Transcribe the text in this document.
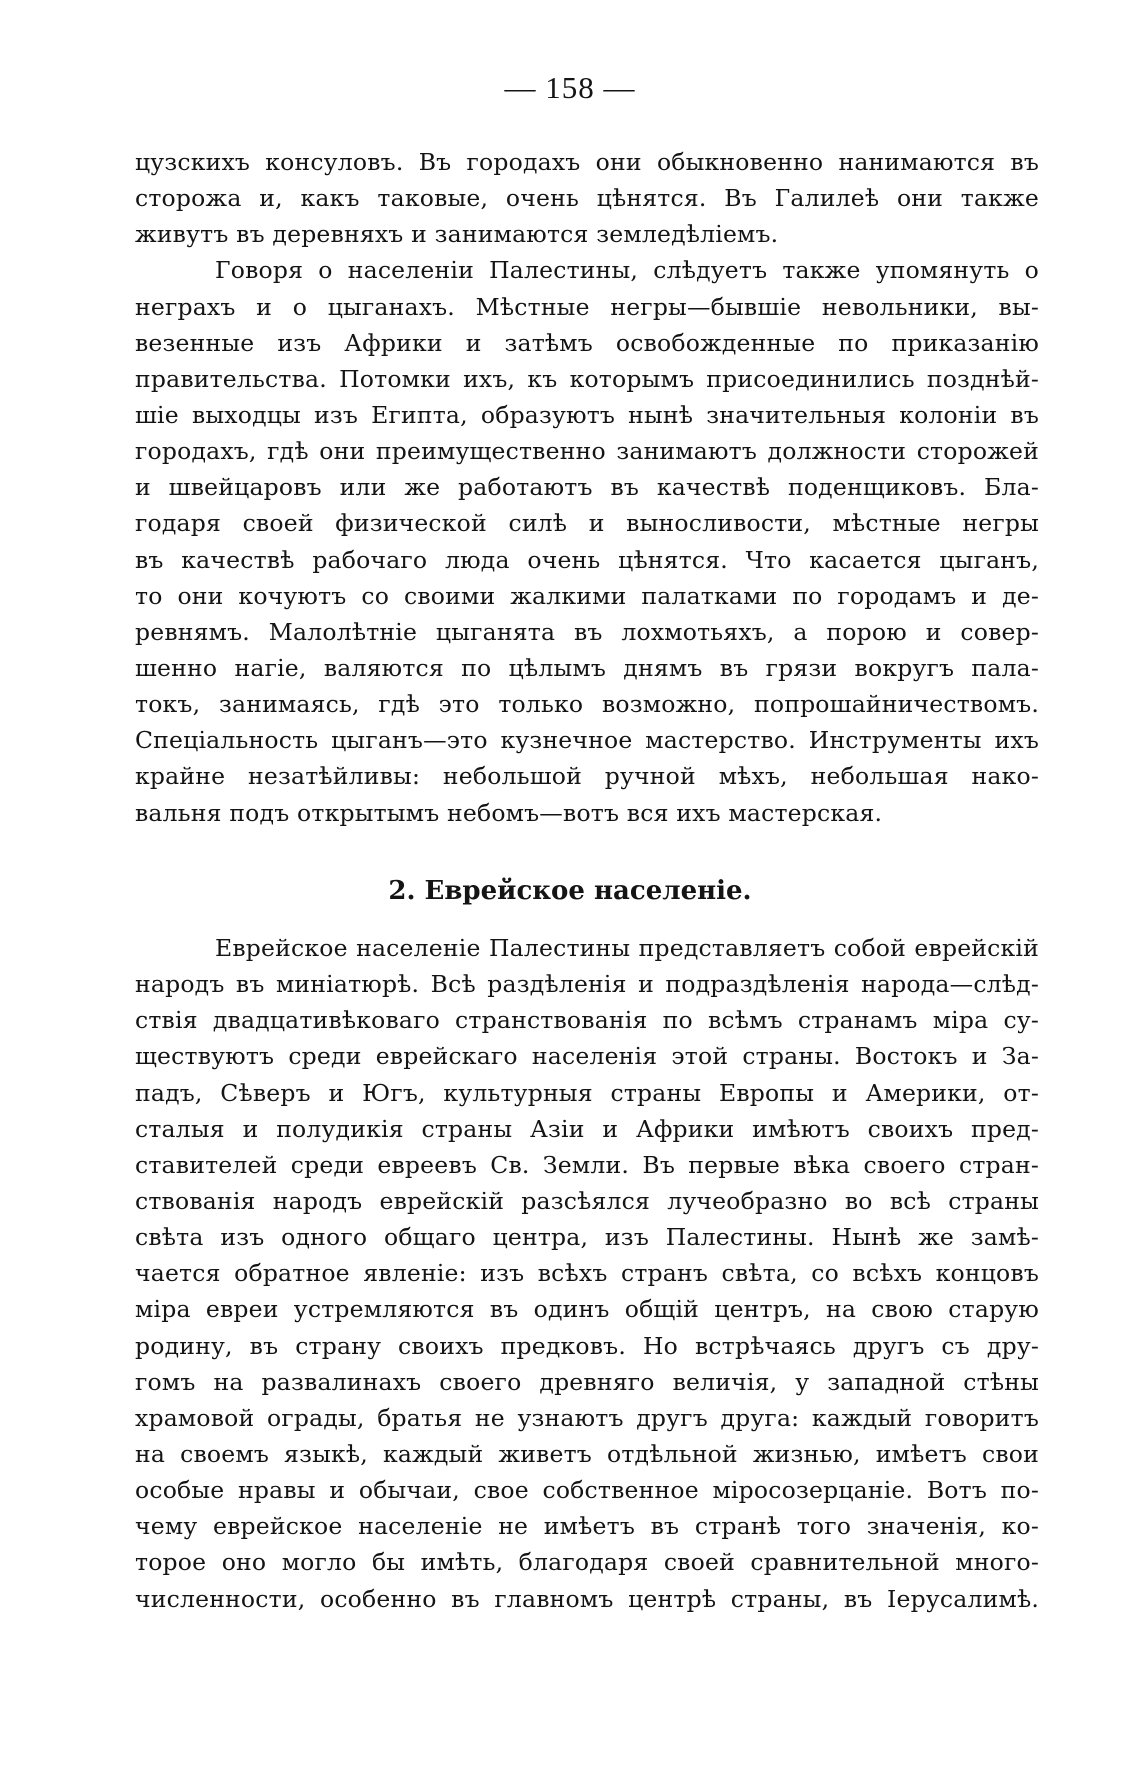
— 158 —
цузскихъ консуловъ. Въ городахъ они обыкновенно нанимаются въ
сторожа и, какъ таковые, очень цѣнятся. Въ Галилеѣ они также
живутъ въ деревняхъ и занимаются земледѣліемъ.
Говоря о населеніи Палестины, слѣдуетъ также упомянуть о
неграхъ и о цыганахъ. Мѣстные негры—бывшіе невольники, вы-
везенные изъ Африки и затѣмъ освобожденные по приказанію
правительства. Потомки ихъ, къ которымъ присоединились позднѣй-
шіе выходцы изъ Египта, образуютъ нынѣ значительныя колоніи въ
городахъ, гдѣ они преимущественно занимаютъ должности сторожей
и швейцаровъ или же работаютъ въ качествѣ поденщиковъ. Бла-
годаря своей физической силѣ и выносливости, мѣстные негры
въ качествѣ рабочаго люда очень цѣнятся. Что касается цыганъ,
то они кочуютъ со своими жалкими палатками по городамъ и де-
ревнямъ. Малолѣтніе цыганята въ лохмотьяхъ, а порою и совер-
шенно нагіе, валяются по цѣлымъ днямъ въ грязи вокругъ пала-
токъ, занимаясь, гдѣ это только возможно, попрошайничествомъ.
Спеціальность цыганъ—это кузнечное мастерство. Инструменты ихъ
крайне незатѣйливы: небольшой ручной мѣхъ, небольшая нако-
вальня подъ открытымъ небомъ—вотъ вся ихъ мастерская.
2. Еврейское населеніе.
Еврейское населеніе Палестины представляетъ собой еврейскій
народъ въ миніатюрѣ. Всѣ раздѣленія и подраздѣленія народа—слѣд-
ствія двадцативѣковаго странствованія по всѣмъ странамъ міра су-
ществуютъ среди еврейскаго населенія этой страны. Востокъ и За-
падъ, Сѣверъ и Югъ, культурныя страны Европы и Америки, от-
сталыя и полудикія страны Азіи и Африки имѣютъ своихъ пред-
ставителей среди евреевъ Св. Земли. Въ первые вѣка своего стран-
ствованія народъ еврейскій разсѣялся лучеобразно во всѣ страны
свѣта изъ одного общаго центра, изъ Палестины. Нынѣ же замѣ-
чается обратное явленіе: изъ всѣхъ странъ свѣта, со всѣхъ концовъ
міра евреи устремляются въ одинъ общій центръ, на свою старую
родину, въ страну своихъ предковъ. Но встрѣчаясь другъ съ дру-
гомъ на развалинахъ своего древняго величія, у западной стѣны
храмовой ограды, братья не узнаютъ другъ друга: каждый говоритъ
на своемъ языкѣ, каждый живетъ отдѣльной жизнью, имѣетъ свои
особые нравы и обычаи, свое собственное міросозерцаніе. Вотъ по-
чему еврейское населеніе не имѣетъ въ странѣ того значенія, ко-
торое оно могло бы имѣть, благодаря своей сравнительной много-
численности, особенно въ главномъ центрѣ страны, въ Іерусалимѣ.
